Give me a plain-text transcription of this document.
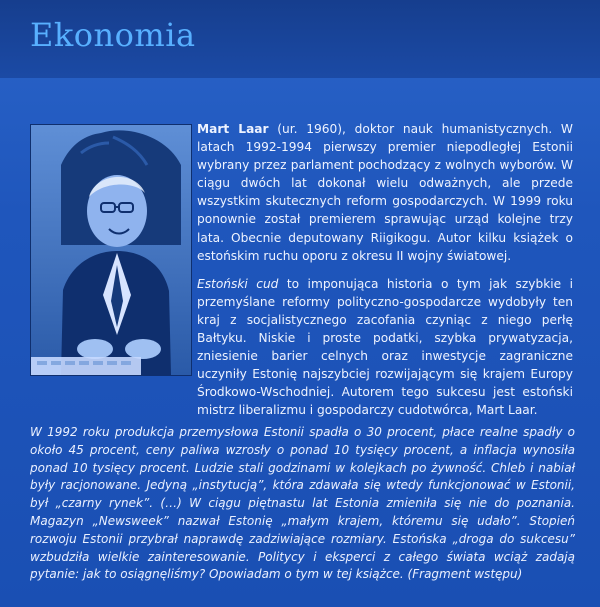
Ekonomia

Mart Laar (ur. 1960), doktor nauk humanistycznych. W latach 1992-1994 pierwszy premier niepodległej Estonii wybrany przez parlament pochodzący z wolnych wyborów. W ciągu dwóch lat dokonał wielu odważnych, ale przede wszystkim skutecznych reform gospodarczych. W 1999 roku ponownie został premierem sprawując urząd kolejne trzy lata. Obecnie deputowany Riigikogu. Autor kilku książek o estońskim ruchu oporu z okresu II wojny światowej.

Estoński cud to imponująca historia o tym jak szybkie i przemyślane reformy polityczno-gospodarcze wydobyły ten kraj z socjalistycznego zacofania czyniąc z niego perłę Bałtyku. Niskie i proste podatki, szybka prywatyzacja, zniesienie barier celnych oraz inwestycje zagraniczne uczyniły Estonię najszybciej rozwijającym się krajem Europy Środkowo-Wschodniej. Autorem tego sukcesu jest estoński mistrz liberalizmu i gospodarczy cudotwórca, Mart Laar.

W 1992 roku produkcja przemysłowa Estonii spadła o 30 procent, płace realne spadły o około 45 procent, ceny paliwa wzrosły o ponad 10 tysięcy procent, a inflacja wynosiła ponad 10 tysięcy procent. Ludzie stali godzinami w kolejkach po żywność. Chleb i nabiał były racjonowane. Jedyną „instytucją”, która zdawała się wtedy funkcjonować w Estonii, był „czarny rynek”. (…) W ciągu piętnastu lat Estonia zmieniła się nie do poznania. Magazyn „Newsweek” nazwał Estonię „małym krajem, któremu się udało”. Stopień rozwoju Estonii przybrał naprawdę zadziwiające rozmiary. Estońska „droga do sukcesu” wzbudziła wielkie zainteresowanie. Politycy i eksperci z całego świata wciąż zadają pytanie: jak to osiągnęliśmy? Opowiadam o tym w tej książce. (Fragment wstępu)
